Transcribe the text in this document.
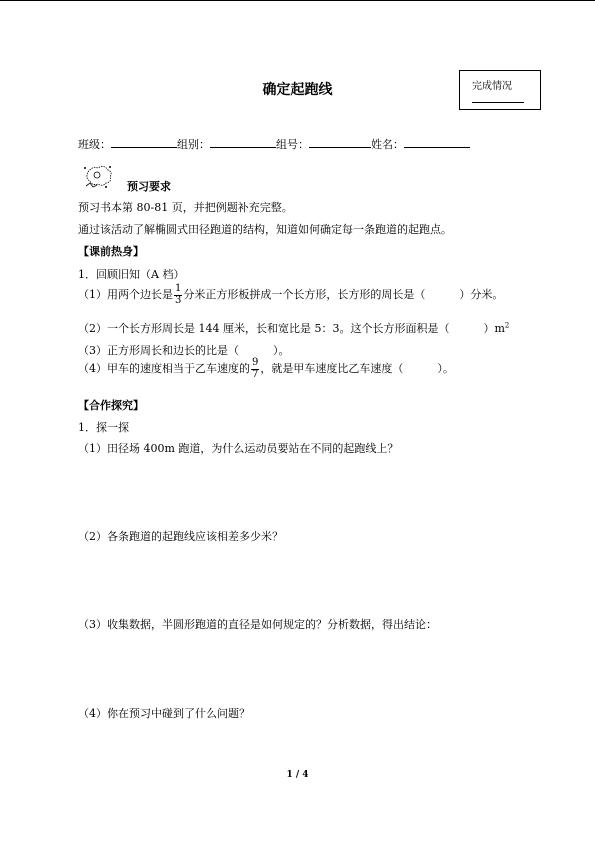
确定起跑线	完成情况
班级：	组别：	组号：	姓名：
预习要求
预习书本第 80-81 页，并把例题补充完整。
通过该活动了解椭圆式田径跑道的结构，知道如何确定每一条跑道的起跑点。
【课前热身】
1．回顾旧知（A 档）
（1）用两个边长是 $\frac{1}{3}$ 分米正方形板拼成一个长方形，长方形的周长是（	）分米。
（2）一个长方形周长是 144 厘米，长和宽比是 5：3。这个长方形面积是（	）$m^2$
（3）正方形周长和边长的比是（	）。
（4）甲车的速度相当于乙车速度的 $\frac{9}{7}$ ，就是甲车速度比乙车速度（	）。
【合作探究】
1．探一探
（1）田径场 400m 跑道，为什么运动员要站在不同的起跑线上？
（2）各条跑道的起跑线应该相差多少米？
（3）收集数据，半圆形跑道的直径是如何规定的？分析数据，得出结论：
（4）你在预习中碰到了什么问题？
1 / 4
